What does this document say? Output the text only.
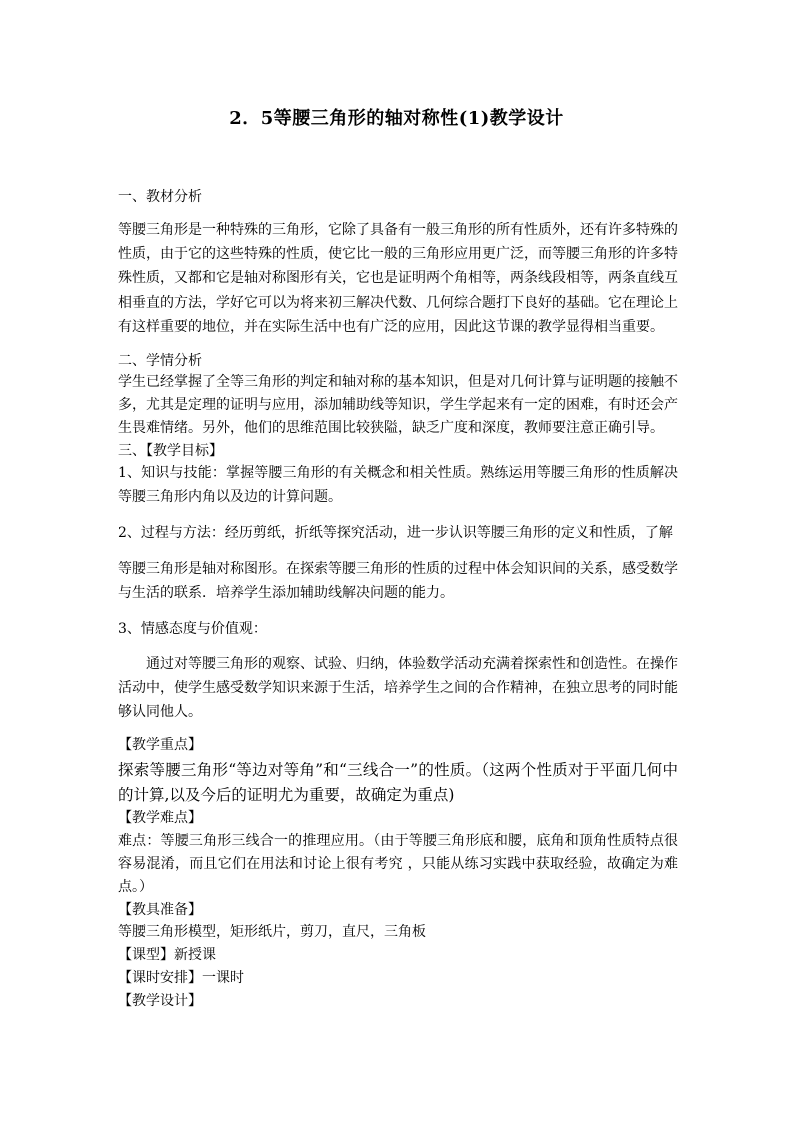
2．5等腰三角形的轴对称性(1)教学设计
一、教材分析
等腰三角形是一种特殊的三角形，它除了具备有一般三角形的所有性质外，还有许多特殊的性质，由于它的这些特殊的性质，使它比一般的三角形应用更广泛，而等腰三角形的许多特殊性质，又都和它是轴对称图形有关，它也是证明两个角相等，两条线段相等，两条直线互相垂直的方法，学好它可以为将来初三解决代数、几何综合题打下良好的基础。它在理论上有这样重要的地位，并在实际生活中也有广泛的应用，因此这节课的教学显得相当重要。
二、学情分析
学生已经掌握了全等三角形的判定和轴对称的基本知识，但是对几何计算与证明题的接触不多，尤其是定理的证明与应用，添加辅助线等知识，学生学起来有一定的困难，有时还会产生畏难情绪。另外，他们的思维范围比较狭隘，缺乏广度和深度，教师要注意正确引导。
三、【教学目标】
1、知识与技能：掌握等腰三角形的有关概念和相关性质。熟练运用等腰三角形的性质解决等腰三角形内角以及边的计算问题。
2、过程与方法：经历剪纸，折纸等探究活动，进一步认识等腰三角形的定义和性质，了解
等腰三角形是轴对称图形。在探索等腰三角形的性质的过程中体会知识间的关系，感受数学与生活的联系．培养学生添加辅助线解决问题的能力。
3、情感态度与价值观：
通过对等腰三角形的观察、试验、归纳，体验数学活动充满着探索性和创造性。在操作活动中，使学生感受数学知识来源于生活，培养学生之间的合作精神，在独立思考的同时能够认同他人。
【教学重点】
探索等腰三角形“等边对等角”和“三线合一”的性质。（这两个性质对于平面几何中的计算,以及今后的证明尤为重要，故确定为重点)
【教学难点】
难点：等腰三角形三线合一的推理应用。（由于等腰三角形底和腰，底角和顶角性质特点很容易混淆，而且它们在用法和讨论上很有考究 ，只能从练习实践中获取经验，故确定为难点。）
【教具准备】
等腰三角形模型，矩形纸片，剪刀，直尺，三角板
【课型】新授课
【课时安排】一课时
【教学设计】
